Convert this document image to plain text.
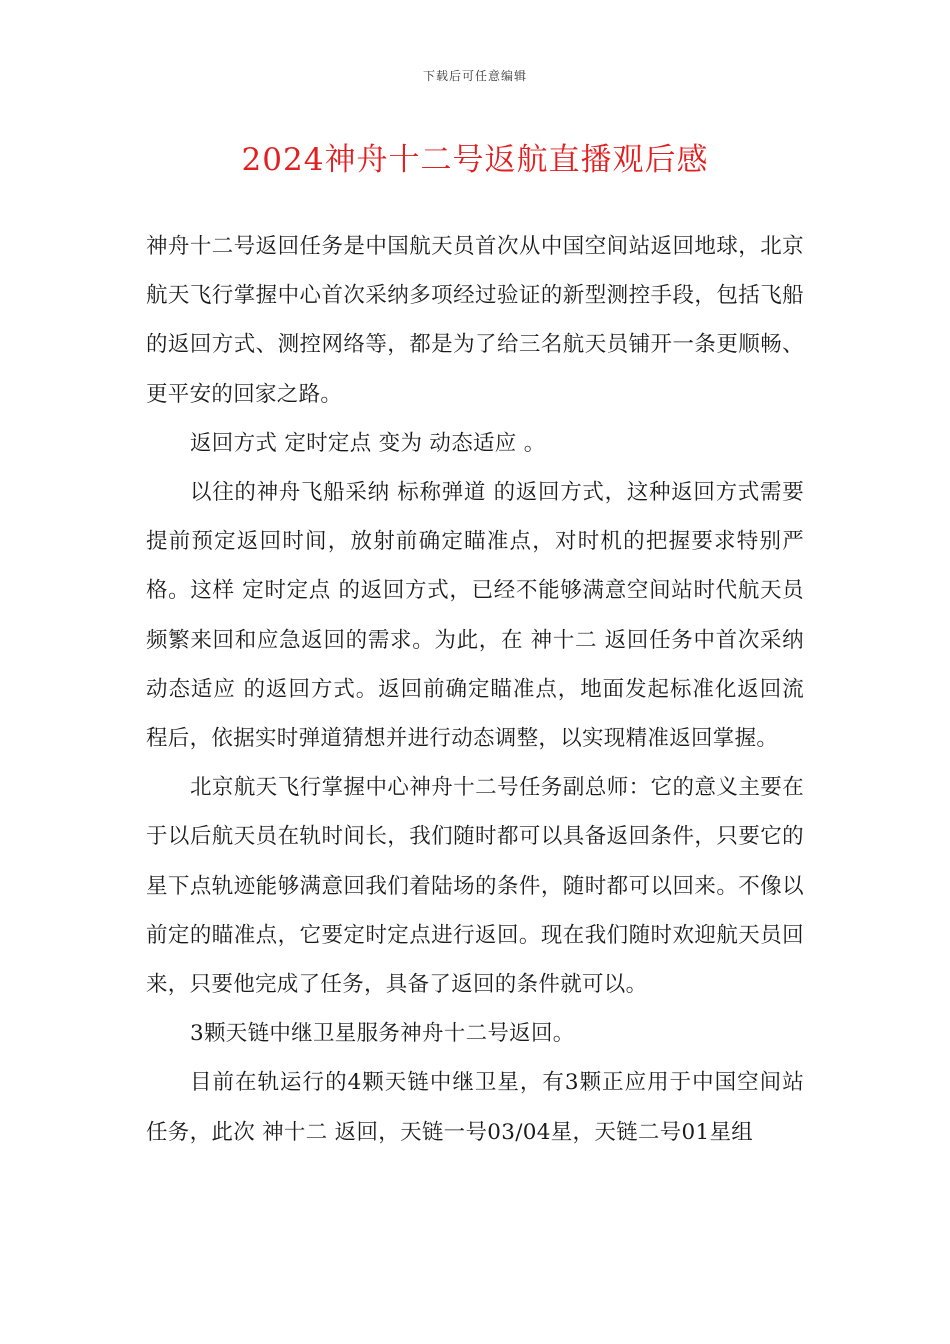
下载后可任意编辑
2024神舟十二号返航直播观后感

神舟十二号返回任务是中国航天员首次从中国空间站返回地球，北京航天飞行掌握中心首次采纳多项经过验证的新型测控手段，包括飞船的返回方式、测控网络等，都是为了给三名航天员铺开一条更顺畅、更平安的回家之路。

返回方式 定时定点 变为 动态适应 。

以往的神舟飞船采纳 标称弹道 的返回方式，这种返回方式需要提前预定返回时间，放射前确定瞄准点，对时机的把握要求特别严格。这样 定时定点 的返回方式，已经不能够满意空间站时代航天员频繁来回和应急返回的需求。为此，在 神十二 返回任务中首次采纳 动态适应 的返回方式。返回前确定瞄准点，地面发起标准化返回流程后，依据实时弹道猜想并进行动态调整，以实现精准返回掌握。

北京航天飞行掌握中心神舟十二号任务副总师：它的意义主要在于以后航天员在轨时间长，我们随时都可以具备返回条件，只要它的星下点轨迹能够满意回我们着陆场的条件，随时都可以回来。不像以前定的瞄准点，它要定时定点进行返回。现在我们随时欢迎航天员回来，只要他完成了任务，具备了返回的条件就可以。

3颗天链中继卫星服务神舟十二号返回。

目前在轨运行的4颗天链中继卫星，有3颗正应用于中国空间站任务，此次 神十二 返回，天链一号03/04星，天链二号01星组
